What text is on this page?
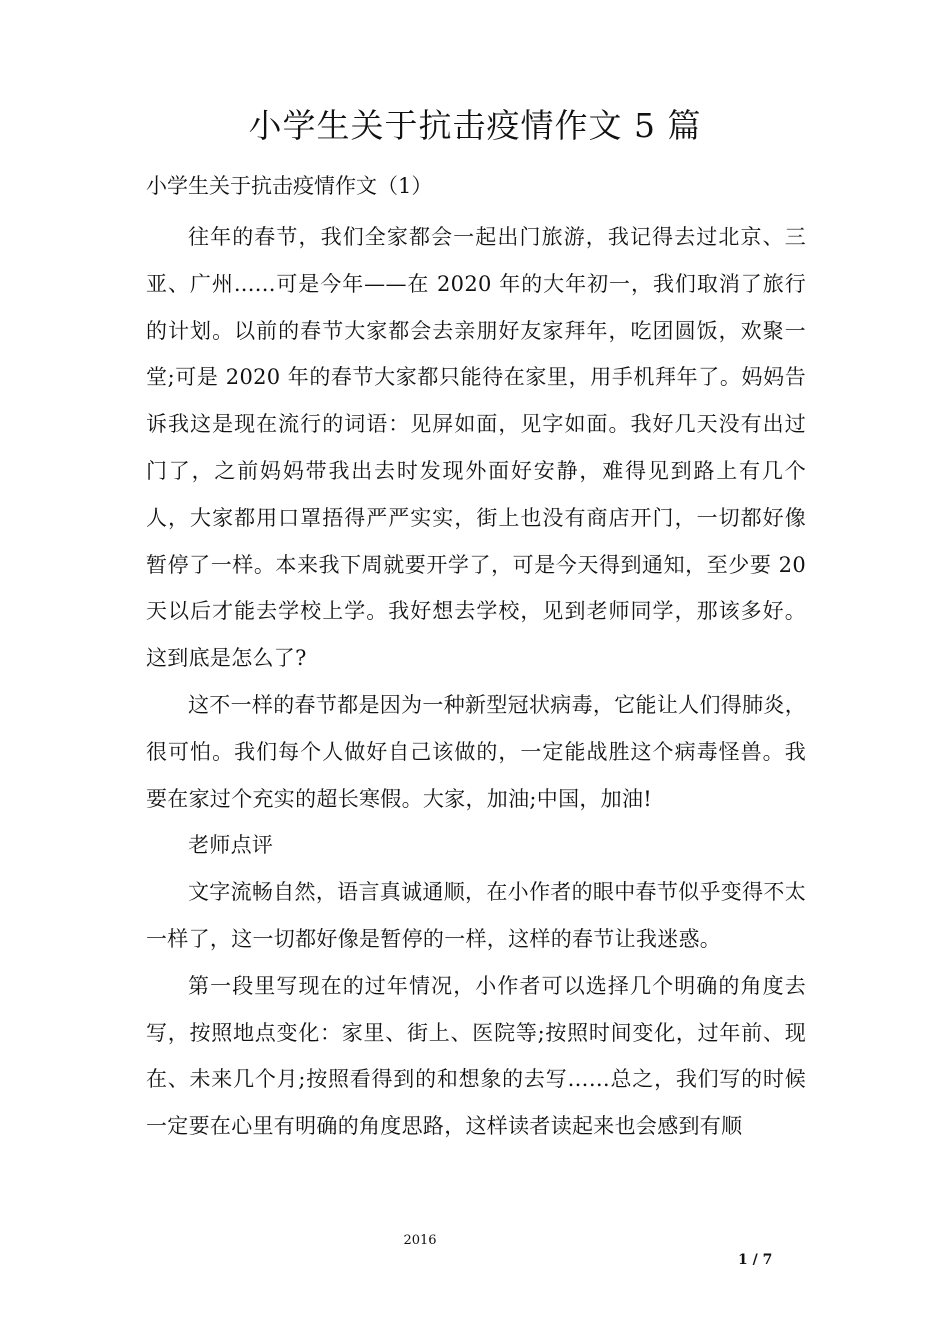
小学生关于抗击疫情作文 5 篇
小学生关于抗击疫情作文（1）

往年的春节，我们全家都会一起出门旅游，我记得去过北京、三亚、广州......可是今年——在 2020 年的大年初一，我们取消了旅行的计划。以前的春节大家都会去亲朋好友家拜年，吃团圆饭，欢聚一堂;可是 2020 年的春节大家都只能待在家里，用手机拜年了。妈妈告诉我这是现在流行的词语：见屏如面，见字如面。我好几天没有出过门了，之前妈妈带我出去时发现外面好安静，难得见到路上有几个人，大家都用口罩捂得严严实实，街上也没有商店开门，一切都好像暂停了一样。本来我下周就要开学了，可是今天得到通知，至少要 20 天以后才能去学校上学。我好想去学校，见到老师同学，那该多好。这到底是怎么了?

这不一样的春节都是因为一种新型冠状病毒，它能让人们得肺炎，很可怕。我们每个人做好自己该做的，一定能战胜这个病毒怪兽。我要在家过个充实的超长寒假。大家，加油;中国，加油!

老师点评

文字流畅自然，语言真诚通顺，在小作者的眼中春节似乎变得不太一样了，这一切都好像是暂停的一样，这样的春节让我迷惑。

第一段里写现在的过年情况，小作者可以选择几个明确的角度去写，按照地点变化：家里、街上、医院等;按照时间变化，过年前、现在、未来几个月;按照看得到的和想象的去写……总之，我们写的时候一定要在心里有明确的角度思路，这样读者读起来也会感到有顺

2016
1 / 7
